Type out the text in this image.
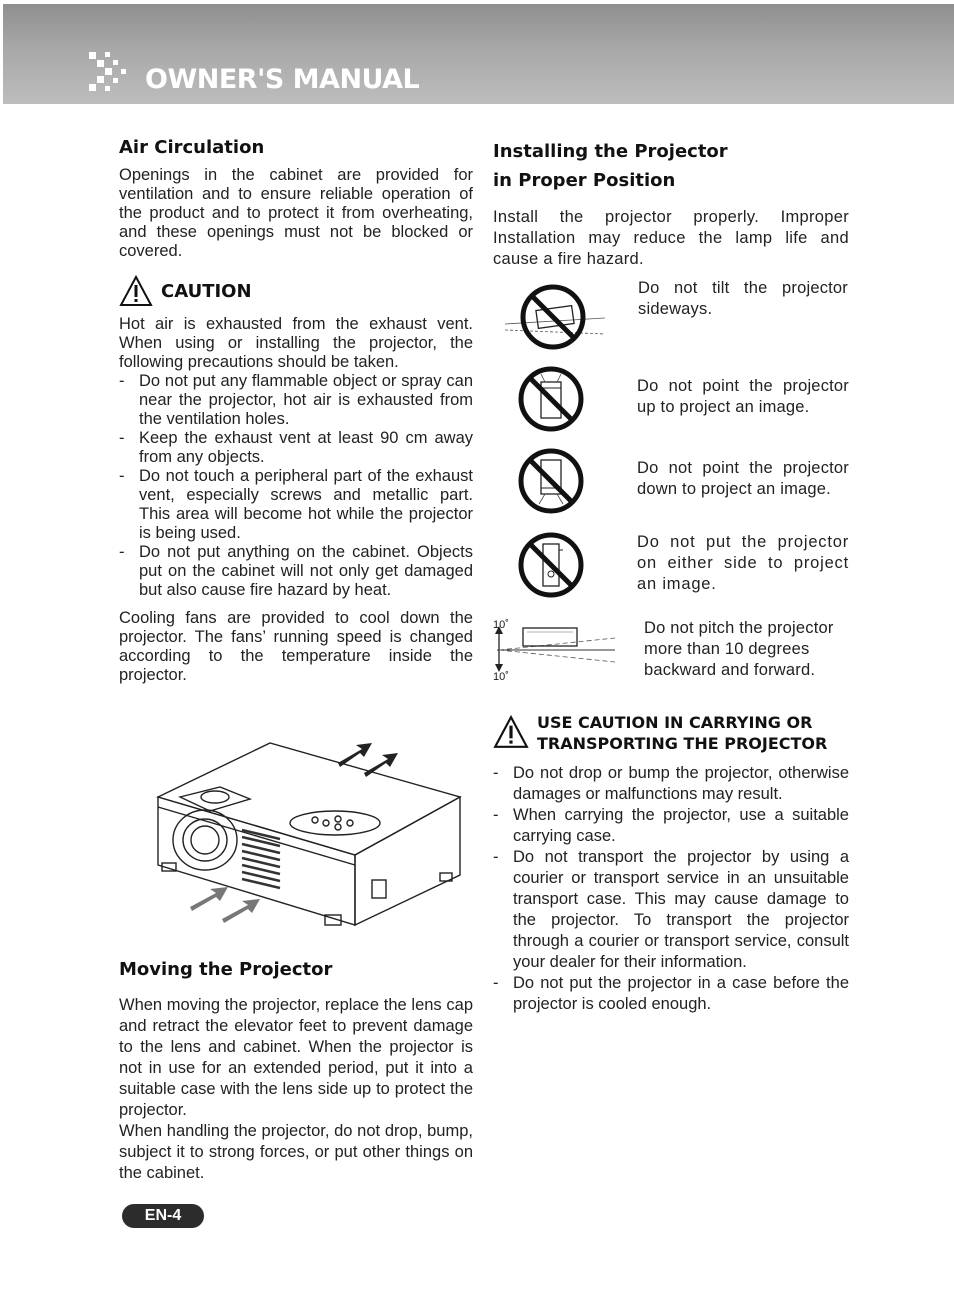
OWNER'S MANUAL
Air Circulation

Openings in the cabinet are provided for ventilation and to ensure reliable operation of the product and to protect it from overheating, and these openings must not be blocked or covered.

CAUTION

Hot air is exhausted from the exhaust vent. When using or installing the projector, the following precautions should be taken.

- Do not put any flammable object or spray can near the projector, hot air is exhausted from the ventilation holes.
- Keep the exhaust vent at least 90 cm away from any objects.
- Do not touch a peripheral part of the exhaust vent, especially screws and metallic part. This area will become hot while the projector is being used.
- Do not put anything on the cabinet. Objects put on the cabinet will not only get damaged but also cause fire hazard by heat.

Cooling fans are provided to cool down the projector. The fans’ running speed is changed according to the temperature inside the projector.

Moving the Projector

When moving the projector, replace the lens cap and retract the elevator feet to prevent damage to the lens and cabinet. When the projector is not in use for an extended period, put it into a suitable case with the lens side up to protect the projector.

When handling the projector, do not drop, bump, subject it to strong forces, or put other things on the cabinet.

Installing the Projector
in Proper Position

Install the projector properly. Improper Installation may reduce the lamp life and cause a fire hazard.

Do not tilt the projector sideways.
Do not point the projector up to project an image.
Do not point the projector down to project an image.
Do not put the projector on either side to project an image.
10˚
10˚
Do not pitch the projector more than 10 degrees backward and forward.
USE CAUTION IN CARRYING OR
TRANSPORTING THE PROJECTOR
- Do not drop or bump the projector, otherwise damages or malfunctions may result.
- When carrying the projector, use a suitable carrying case.
- Do not transport the projector by using a courier or transport service in an unsuitable transport case. This may cause damage to the projector. To transport the projector through a courier or transport service, consult your dealer for their information.
- Do not put the projector in a case before the projector is cooled enough.
EN-4
